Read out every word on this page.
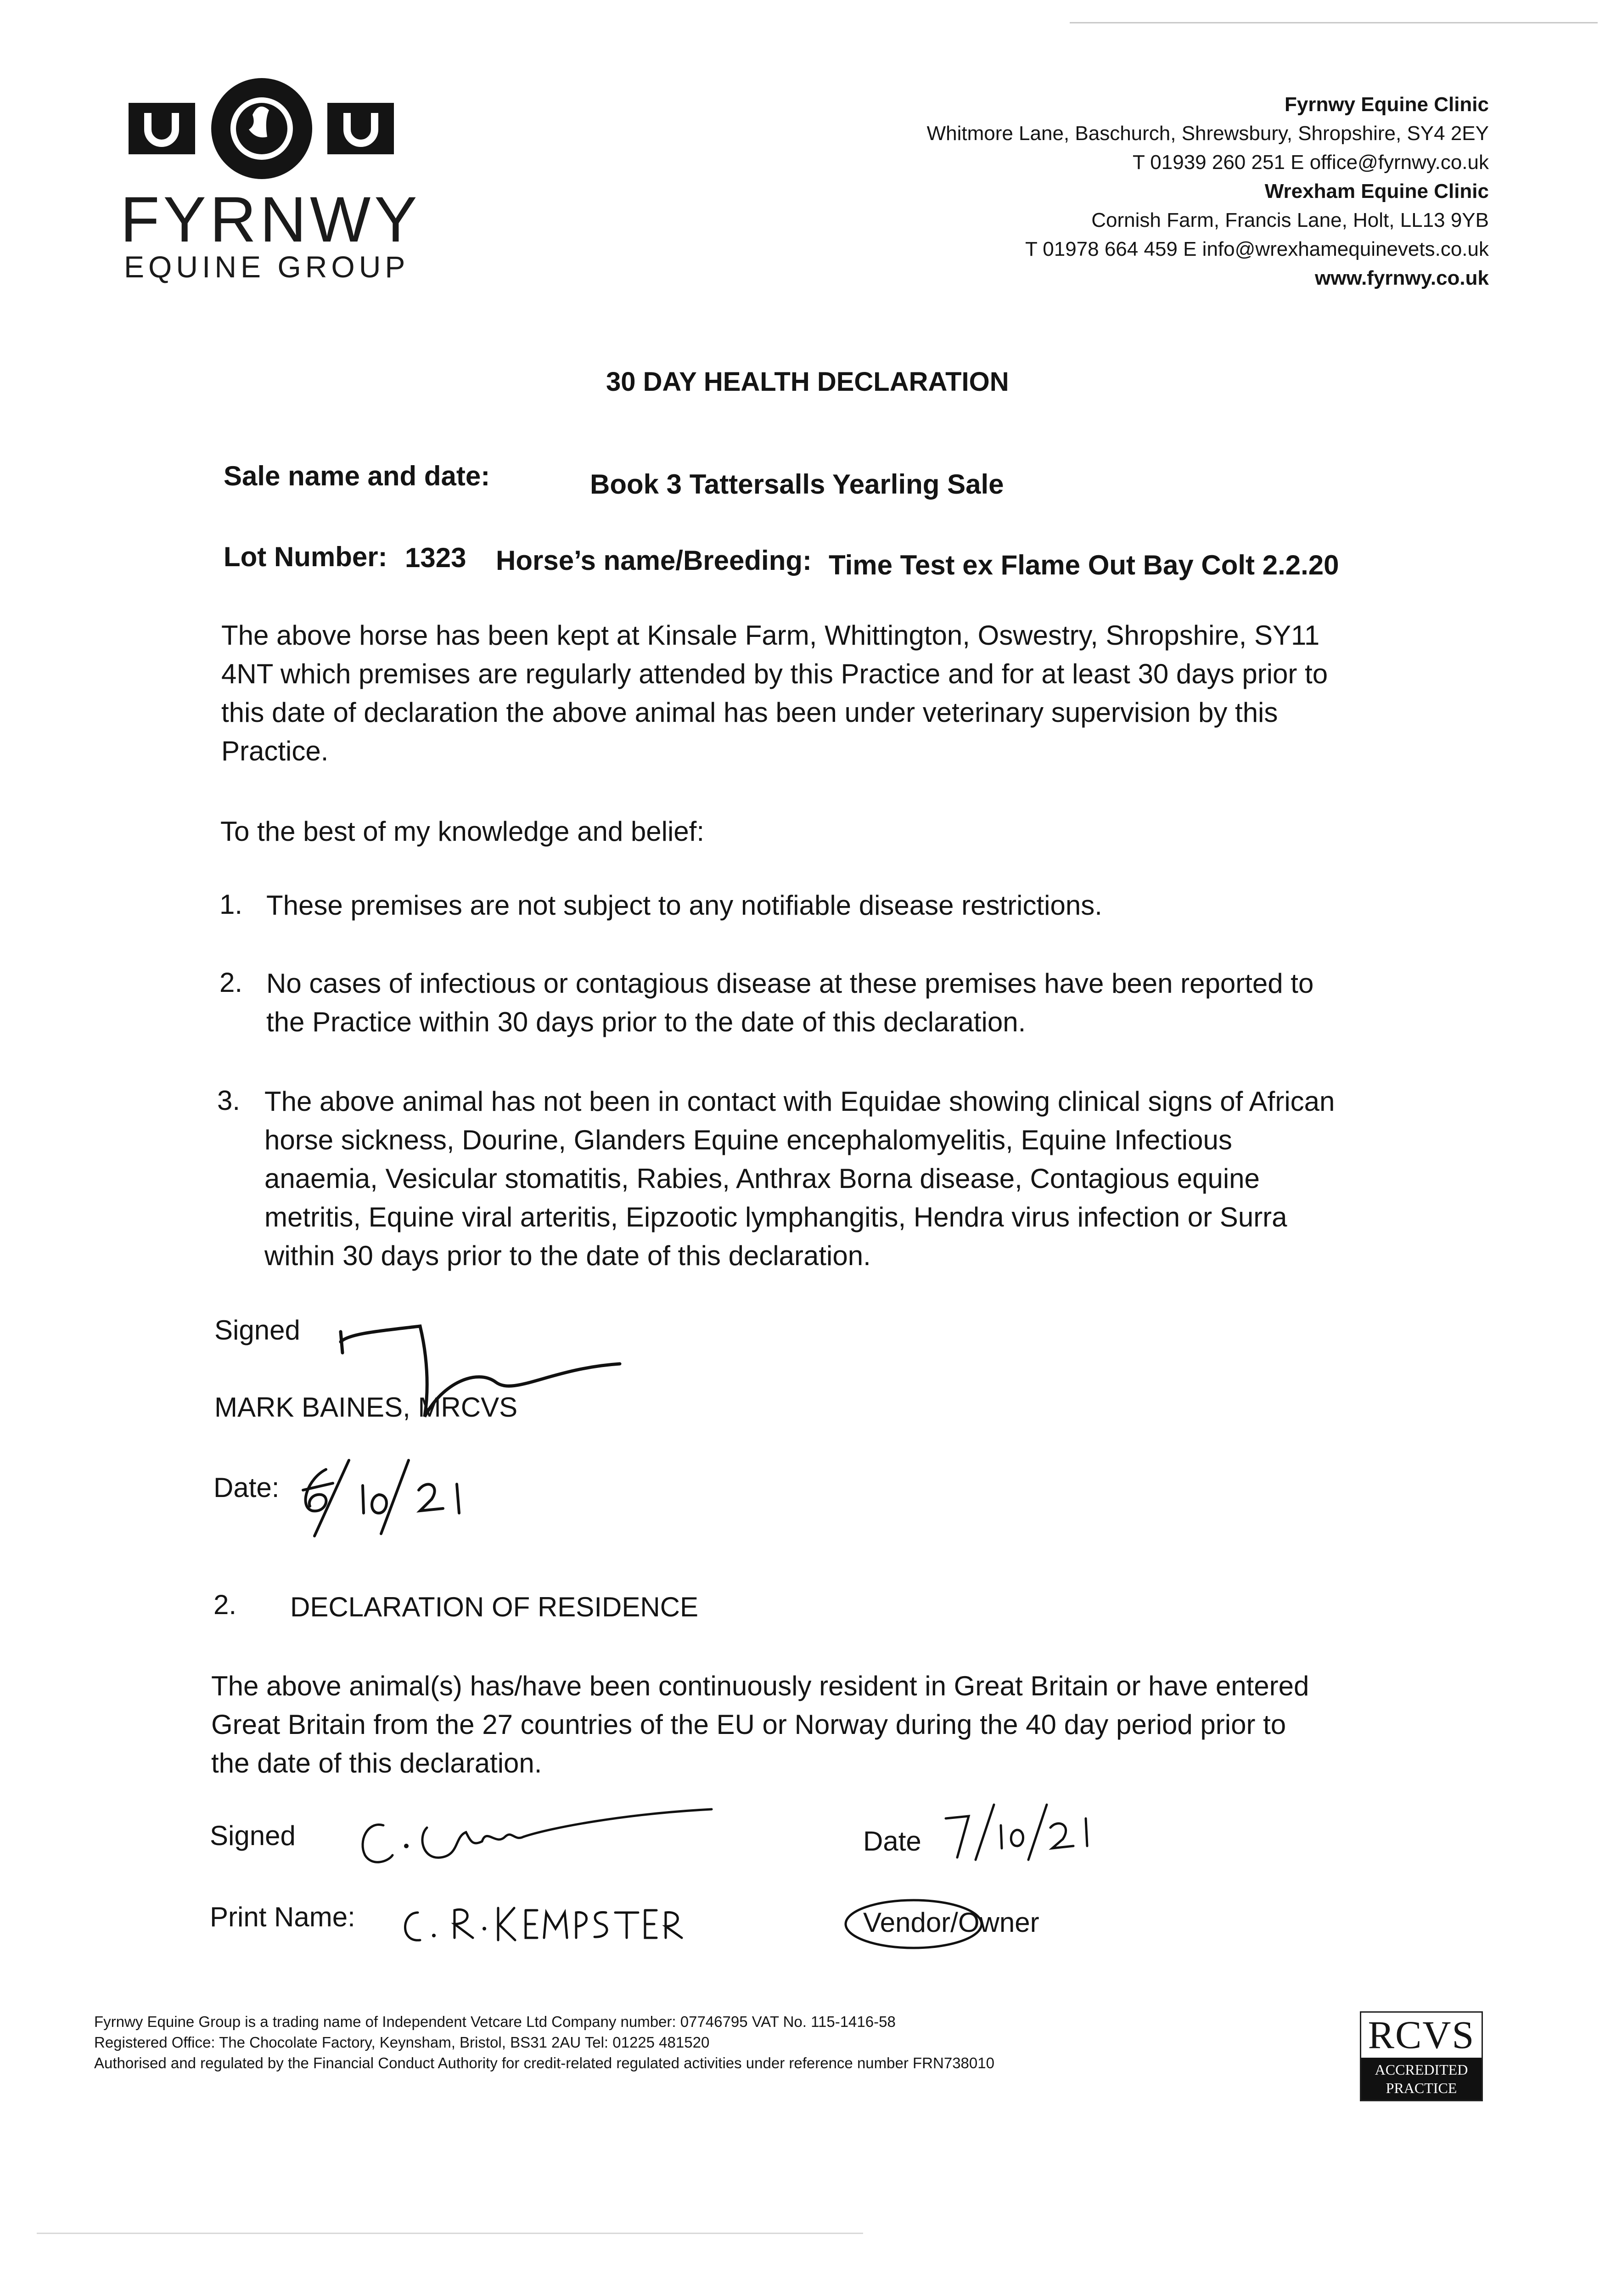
FYRNWY
EQUINE GROUP
Fyrnwy Equine Clinic
Whitmore Lane, Baschurch, Shrewsbury, Shropshire, SY4 2EY
T 01939 260 251 E office@fyrnwy.co.uk
Wrexham Equine Clinic
Cornish Farm, Francis Lane, Holt, LL13 9YB
T 01978 664 459 E info@wrexhamequinevets.co.uk
www.fyrnwy.co.uk
30 DAY HEALTH DECLARATION
Sale name and date:	Book 3 Tattersalls Yearling Sale
Lot Number: 1323 Horse’s name/Breeding: Time Test ex Flame Out Bay Colt 2.2.20
The above horse has been kept at Kinsale Farm, Whittington, Oswestry, Shropshire, SY11
4NT which premises are regularly attended by this Practice and for at least 30 days prior to
this date of declaration the above animal has been under veterinary supervision by this
Practice.
To the best of my knowledge and belief:
1. These premises are not subject to any notifiable disease restrictions.
2. No cases of infectious or contagious disease at these premises have been reported to
the Practice within 30 days prior to the date of this declaration.
3. The above animal has not been in contact with Equidae showing clinical signs of African
horse sickness, Dourine, Glanders Equine encephalomyelitis, Equine Infectious
anaemia, Vesicular stomatitis, Rabies, Anthrax Borna disease, Contagious equine
metritis, Equine viral arteritis, Eipzootic lymphangitis, Hendra virus infection or Surra
within 30 days prior to the date of this declaration.
Signed
MARK BAINES, MRCVS
Date:
2. DECLARATION OF RESIDENCE
The above animal(s) has/have been continuously resident in Great Britain or have entered
Great Britain from the 27 countries of the EU or Norway during the 40 day period prior to
the date of this declaration.
Signed	Date
Print Name:	Vendor/Owner
Fyrnwy Equine Group is a trading name of Independent Vetcare Ltd Company number: 07746795 VAT No. 115-1416-58
Registered Office: The Chocolate Factory, Keynsham, Bristol, BS31 2AU Tel: 01225 481520
Authorised and regulated by the Financial Conduct Authority for credit-related regulated activities under reference number FRN738010
RCVS
ACCREDITED
PRACTICE
